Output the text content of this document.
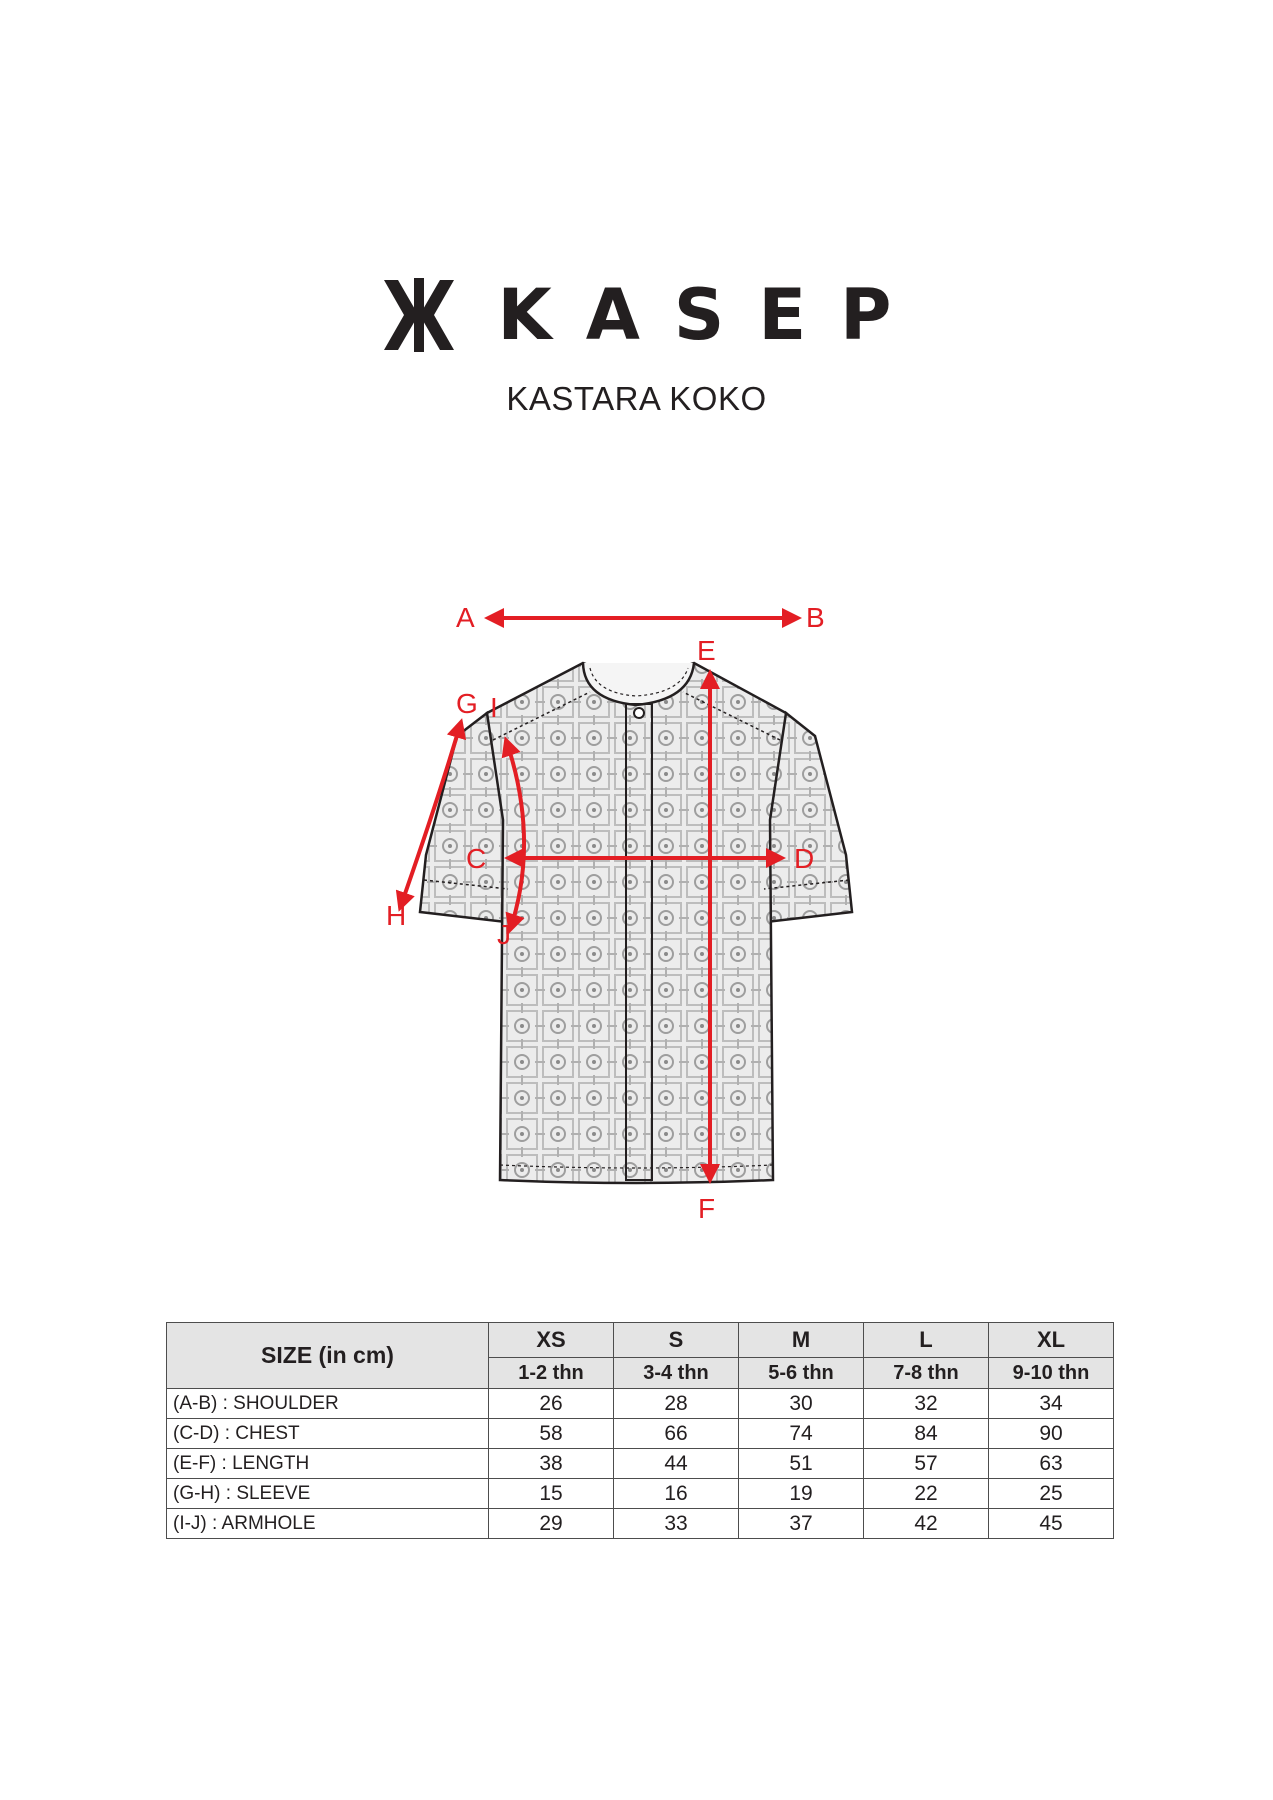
KASEP
KASTARA KOKO
A	B
C	D
E
F
G
H
I
J
SIZE (in cm)	XS	S	M	L	XL
	1-2 thn	3-4 thn	5-6 thn	7-8 thn	9-10 thn
(A-B) : SHOULDER	26	28	30	32	34
(C-D) : CHEST	58	66	74	84	90
(E-F) : LENGTH	38	44	51	57	63
(G-H) : SLEEVE	15	16	19	22	25
(I-J) : ARMHOLE	29	33	37	42	45
